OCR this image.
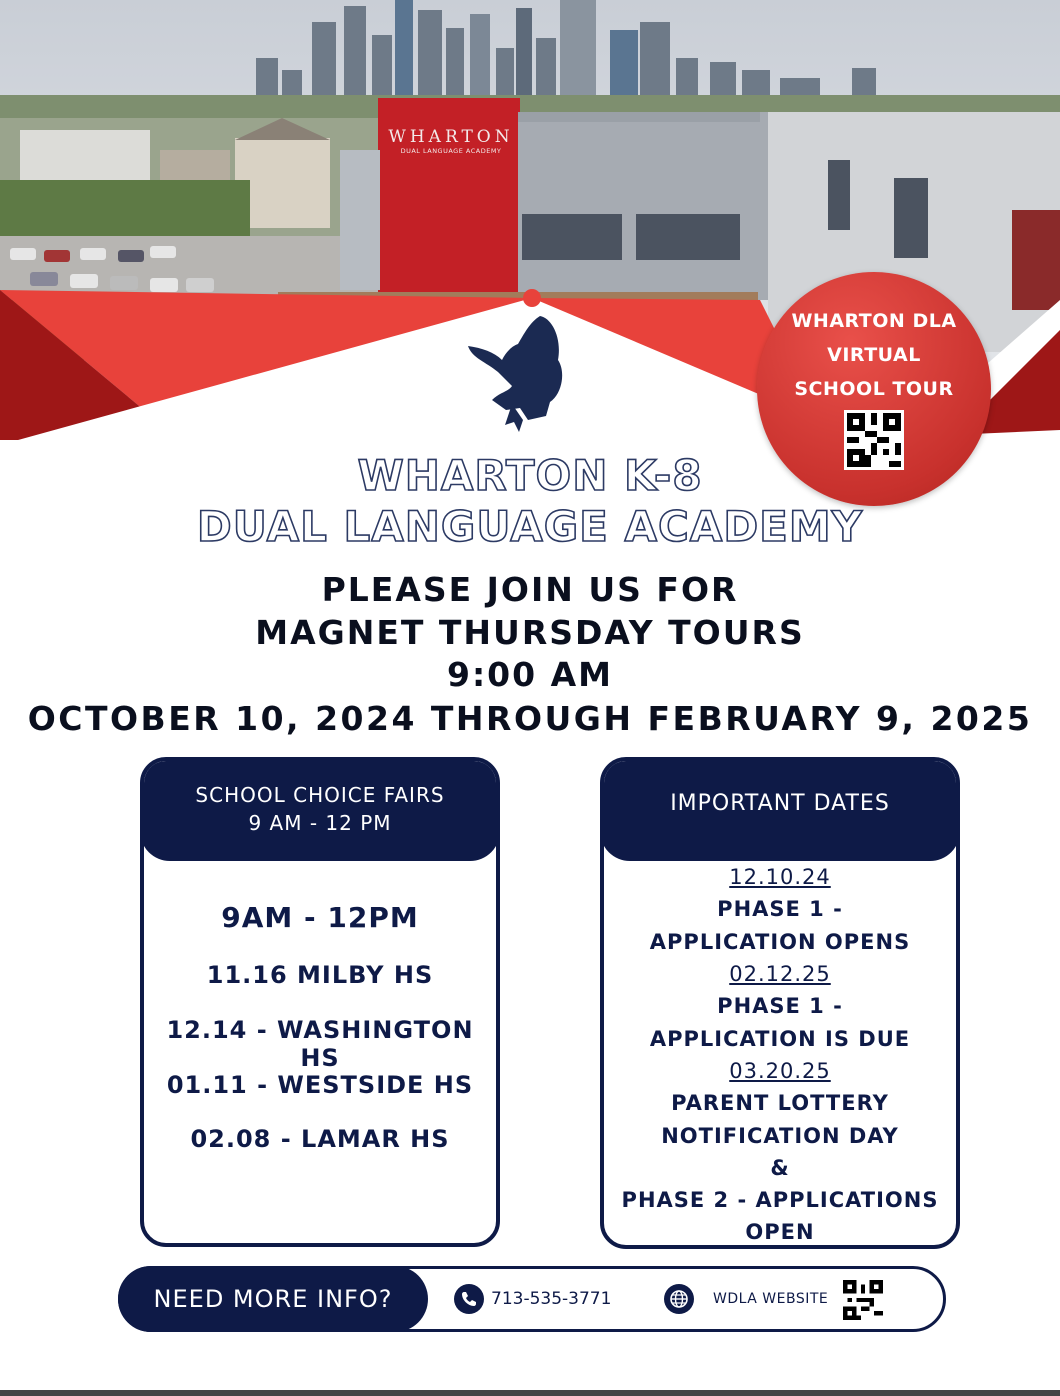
WHARTON
DUAL LANGUAGE ACADEMY
WHARTON DLA
VIRTUAL
SCHOOL TOUR
WHARTON K-8
DUAL LANGUAGE ACADEMY
PLEASE JOIN US FOR
MAGNET THURSDAY TOURS
9:00 AM
OCTOBER 10, 2024 THROUGH FEBRUARY 9, 2025
SCHOOL CHOICE FAIRS
9 AM - 12 PM
9AM - 12PM
11.16 MILBY HS
12.14 - WASHINGTON HS
01.11 - WESTSIDE HS
02.08 - LAMAR HS
IMPORTANT DATES
12.10.24
PHASE 1 -
APPLICATION OPENS
02.12.25
PHASE 1 -
APPLICATION IS DUE
03.20.25
PARENT LOTTERY
NOTIFICATION DAY
&
PHASE 2 - APPLICATIONS
OPEN
NEED MORE INFO?	713-535-3771	WDLA WEBSITE
